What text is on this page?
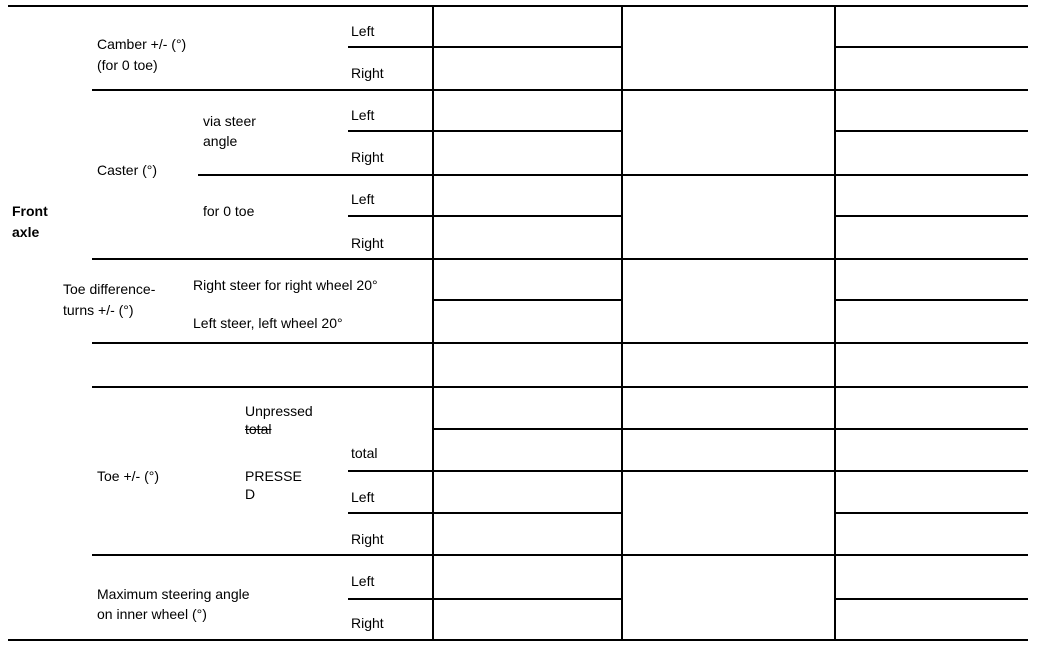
Front
axle
Camber +/- (°)
(for 0 toe)
Left
Right
Caster (°)
via steer
angle
Left
Right
for 0 toe
Left
Right
Toe difference-
turns +/- (°)
Right steer for right wheel 20°
Left steer, left wheel 20°
Toe +/- (°)
Unpressed
total
PRESSE
D
total
Left
Right
Maximum steering angle
on inner wheel (°)
Left
Right
